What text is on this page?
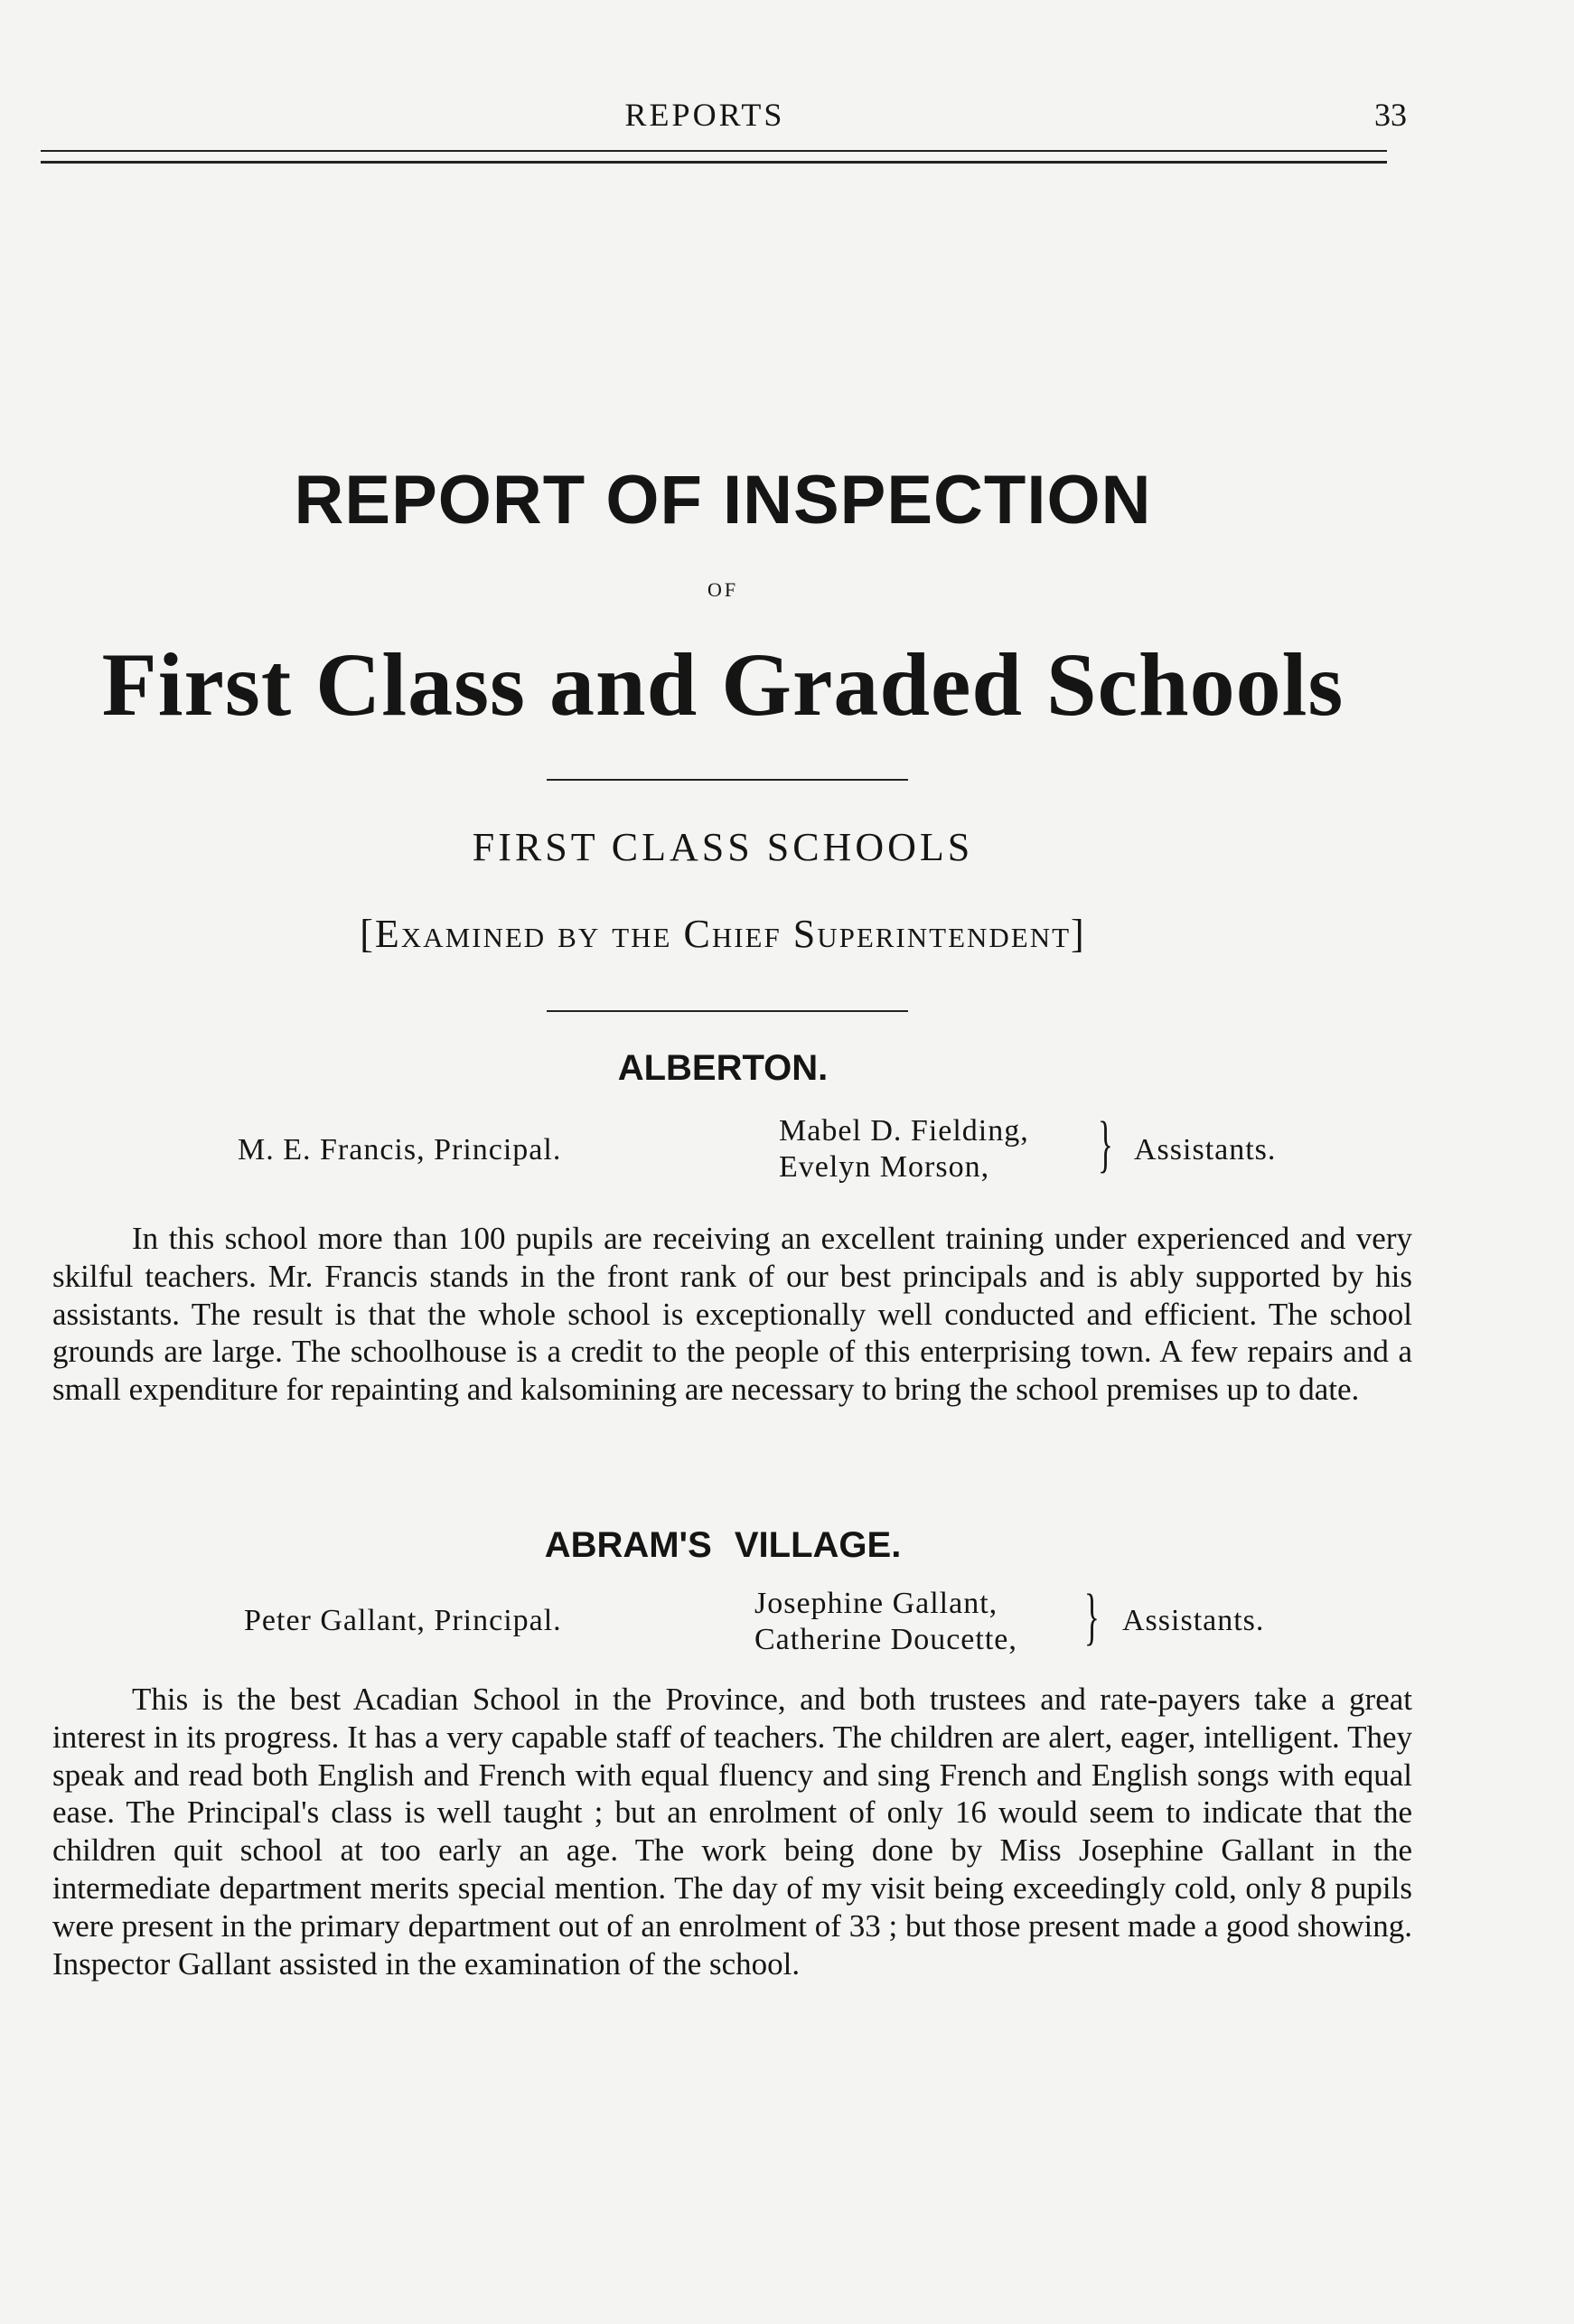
REPORTS	33
REPORT OF INSPECTION
OF
First Class and Graded Schools
FIRST CLASS SCHOOLS
[Examined by the Chief Superintendent]
ALBERTON.
M. E. Francis, Principal.
Mabel D. Fielding,
Evelyn Morson,	} Assistants.
In this school more than 100 pupils are receiving an excellent training under experienced and very skilful teachers. Mr. Francis stands in the front rank of our best principals and is ably supported by his assistants. The result is that the whole school is exceptionally well conducted and efficient. The school grounds are large. The schoolhouse is a credit to the people of this enterprising town. A few repairs and a small expenditure for repainting and kalsomining are necessary to bring the school premises up to date.
ABRAM'S VILLAGE.
Peter Gallant, Principal.
Josephine Gallant,
Catherine Doucette, } Assistants.
This is the best Acadian School in the Province, and both trustees and rate-payers take a great interest in its progress. It has a very capable staff of teachers. The children are alert, eager, intelligent. They speak and read both English and French with equal fluency and sing French and English songs with equal ease. The Principal's class is well taught ; but an enrolment of only 16 would seem to indicate that the children quit school at too early an age. The work being done by Miss Josephine Gallant in the intermediate department merits special mention. The day of my visit being exceedingly cold, only 8 pupils were present in the primary department out of an enrolment of 33 ; but those present made a good showing. Inspector Gallant assisted in the examination of the school.
